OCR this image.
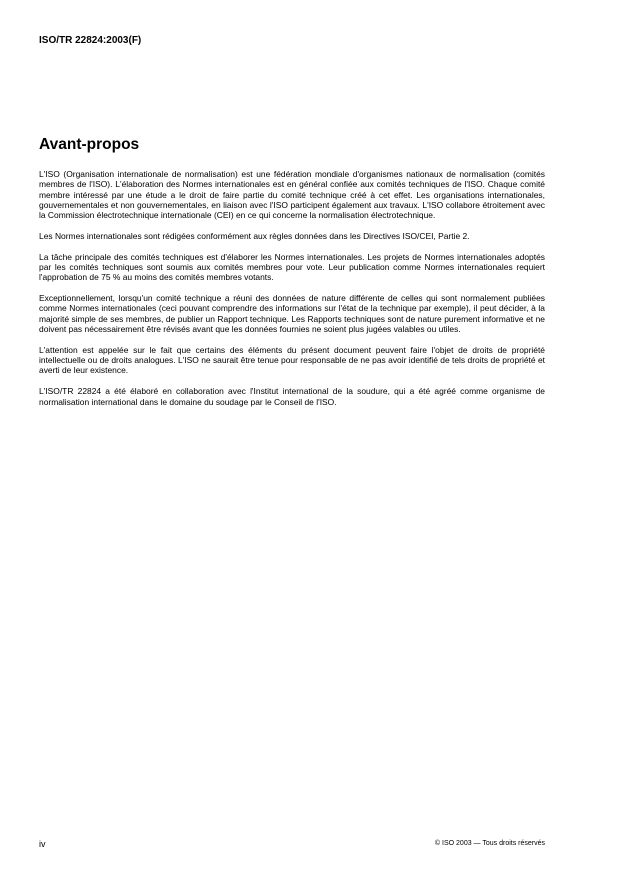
ISO/TR 22824:2003(F)
Avant-propos

L'ISO (Organisation internationale de normalisation) est une fédération mondiale d'organismes nationaux de normalisation (comités membres de l'ISO). L'élaboration des Normes internationales est en général confiée aux comités techniques de l'ISO. Chaque comité membre intéressé par une étude a le droit de faire partie du comité technique créé à cet effet. Les organisations internationales, gouvernementales et non gouvernementales, en liaison avec l'ISO participent également aux travaux. L'ISO collabore étroitement avec la Commission électrotechnique internationale (CEI) en ce qui concerne la normalisation électrotechnique.

Les Normes internationales sont rédigées conformément aux règles données dans les Directives ISO/CEI, Partie 2.

La tâche principale des comités techniques est d'élaborer les Normes internationales. Les projets de Normes internationales adoptés par les comités techniques sont soumis aux comités membres pour vote. Leur publication comme Normes internationales requiert l'approbation de 75 % au moins des comités membres votants.

Exceptionnellement, lorsqu'un comité technique a réuni des données de nature différente de celles qui sont normalement publiées comme Normes internationales (ceci pouvant comprendre des informations sur l'état de la technique par exemple), il peut décider, à la majorité simple de ses membres, de publier un Rapport technique. Les Rapports techniques sont de nature purement informative et ne doivent pas nécessairement être révisés avant que les données fournies ne soient plus jugées valables ou utiles.

L'attention est appelée sur le fait que certains des éléments du présent document peuvent faire l'objet de droits de propriété intellectuelle ou de droits analogues. L'ISO ne saurait être tenue pour responsable de ne pas avoir identifié de tels droits de propriété et averti de leur existence.

L'ISO/TR 22824 a été élaboré en collaboration avec l'Institut international de la soudure, qui a été agréé comme organisme de normalisation international dans le domaine du soudage par le Conseil de l'ISO.

iv	© ISO 2003 — Tous droits réservés
